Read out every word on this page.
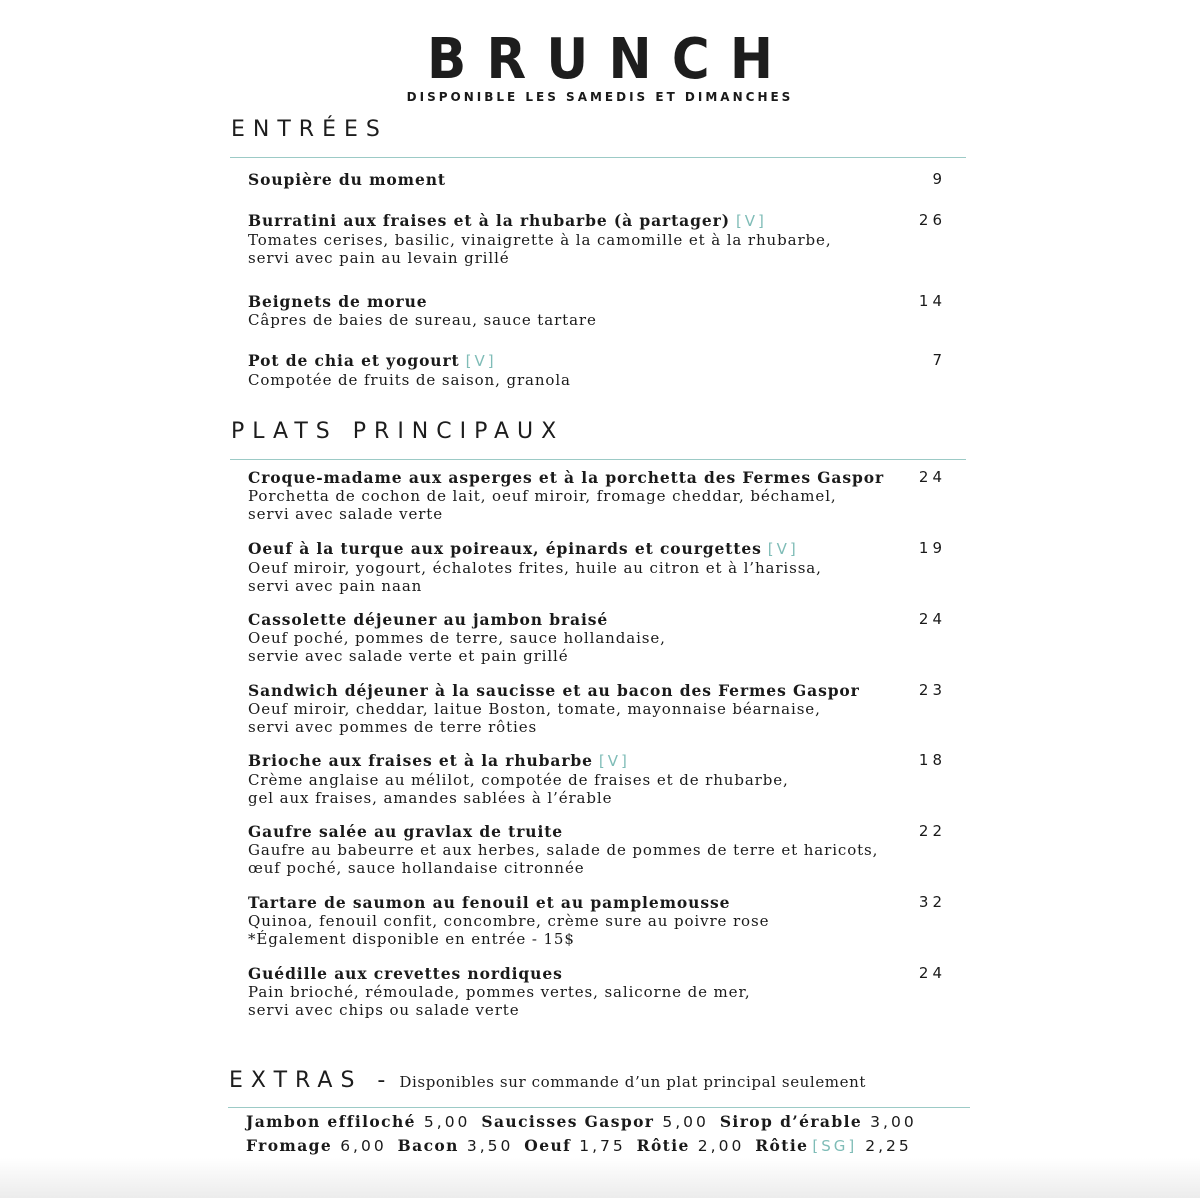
BRUNCH
DISPONIBLE LES SAMEDIS ET DIMANCHES
ENTRÉES
Soupière du moment	9
Burratini aux fraises et à la rhubarbe (à partager) [V]
Tomates cerises, basilic, vinaigrette à la camomille et à la rhubarbe,
servi avec pain au levain grillé
26
Beignets de morue
Câpres de baies de sureau, sauce tartare
14
Pot de chia et yogourt [V]
Compotée de fruits de saison, granola
7
PLATS PRINCIPAUX
Croque-madame aux asperges et à la porchetta des Fermes Gaspor
Porchetta de cochon de lait, oeuf miroir, fromage cheddar, béchamel,
servi avec salade verte
24
Oeuf à la turque aux poireaux, épinards et courgettes [V]
Oeuf miroir, yogourt, échalotes frites, huile au citron et à l’harissa,
servi avec pain naan
19
Cassolette déjeuner au jambon braisé
Oeuf poché, pommes de terre, sauce hollandaise,
servie avec salade verte et pain grillé
24
Sandwich déjeuner à la saucisse et au bacon des Fermes Gaspor
Oeuf miroir, cheddar, laitue Boston, tomate, mayonnaise béarnaise,
servi avec pommes de terre rôties
23
Brioche aux fraises et à la rhubarbe [V]
Crème anglaise au mélilot, compotée de fraises et de rhubarbe,
gel aux fraises, amandes sablées à l’érable
18
Gaufre salée au gravlax de truite
Gaufre au babeurre et aux herbes, salade de pommes de terre et haricots,
œuf poché, sauce hollandaise citronnée
22
Tartare de saumon au fenouil et au pamplemousse
Quinoa, fenouil confit, concombre, crème sure au poivre rose
*Également disponible en entrée - 15$
32
Guédille aux crevettes nordiques
Pain brioché, rémoulade, pommes vertes, salicorne de mer,
servi avec chips ou salade verte
24
EXTRAS - Disponibles sur commande d’un plat principal seulement
Jambon effiloché 5,00 Saucisses Gaspor 5,00 Sirop d’érable 3,00
Fromage 6,00 Bacon 3,50 Oeuf 1,75 Rôtie 2,00 Rôtie [SG] 2,25
